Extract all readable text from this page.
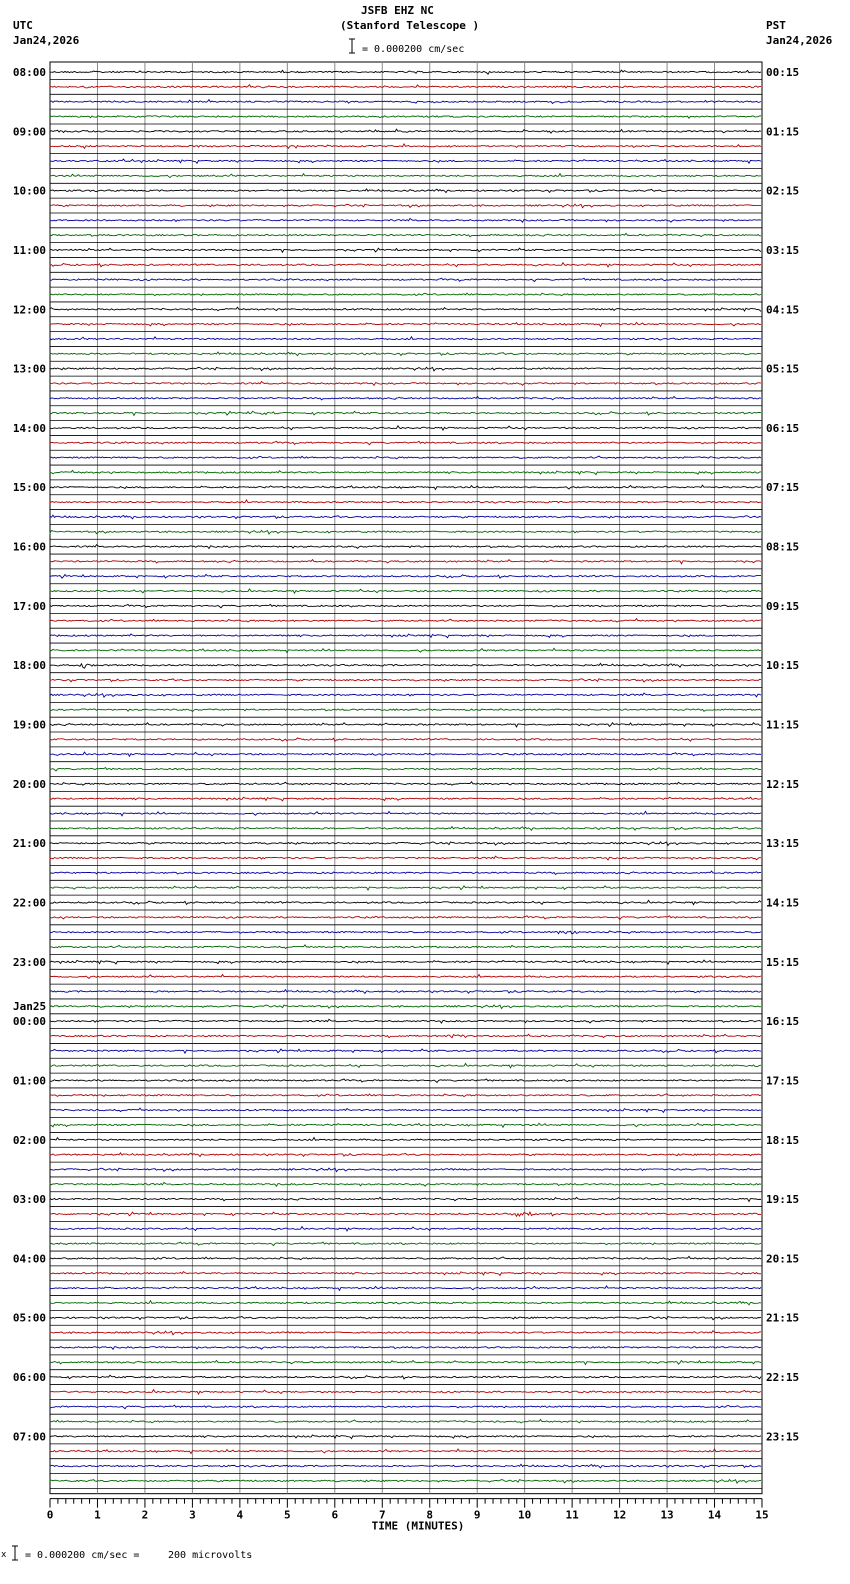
JSFB EHZ NC
(Stanford Telescope )
UTC
Jan24,2026
PST
Jan24,2026
= 0.000200 cm/sec
08:00
09:00
10:00
11:00
12:00
13:00
14:00
15:00
16:00
17:00
18:00
19:00
20:00
21:00
22:00
23:00
00:00
Jan25
01:00
02:00
03:00
04:00
05:00
06:00
07:00
00:15
01:15
02:15
03:15
04:15
05:15
06:15
07:15
08:15
09:15
10:15
11:15
12:15
13:15
14:15
15:15
16:15
17:15
18:15
19:15
20:15
21:15
22:15
23:15
0	1	2	3	4	5	6	7	8	9	10	11	12	13	14	15
TIME (MINUTES)
x = 0.000200 cm/sec =	200 microvolts
